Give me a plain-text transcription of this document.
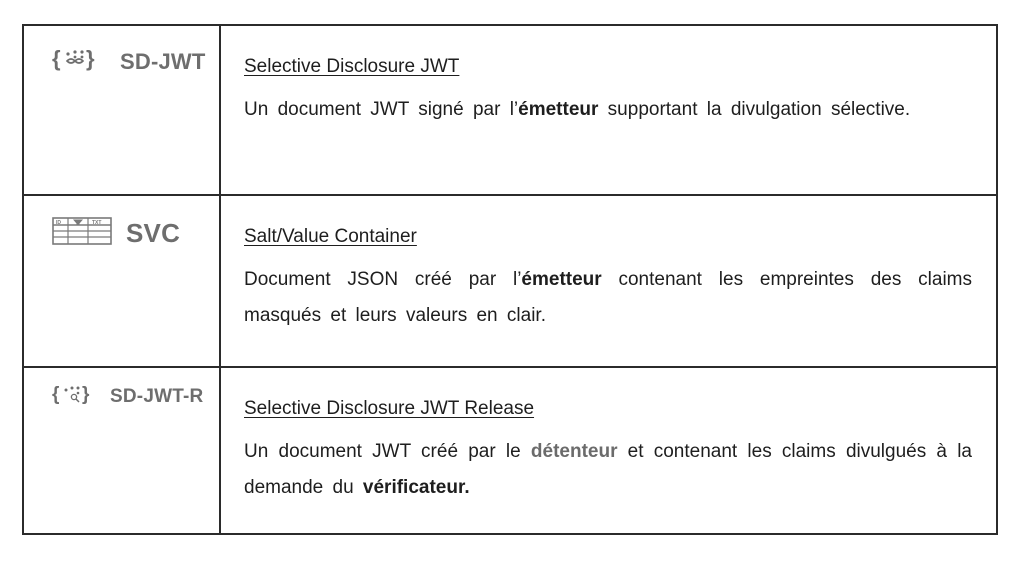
{ } SD-JWT Selective Disclosure JWT

Un document JWT signé par l’émetteur supportant la divulgation sélective.

ID	TXT SVC	Salt/Value Container

Document JSON créé par l’émetteur contenant les empreintes des claims masqués et leurs valeurs en clair.

{ } SD-JWT-R

Selective Disclosure JWT Release

Un document JWT créé par le détenteur et contenant les claims divulgués à la demande du vérificateur.
